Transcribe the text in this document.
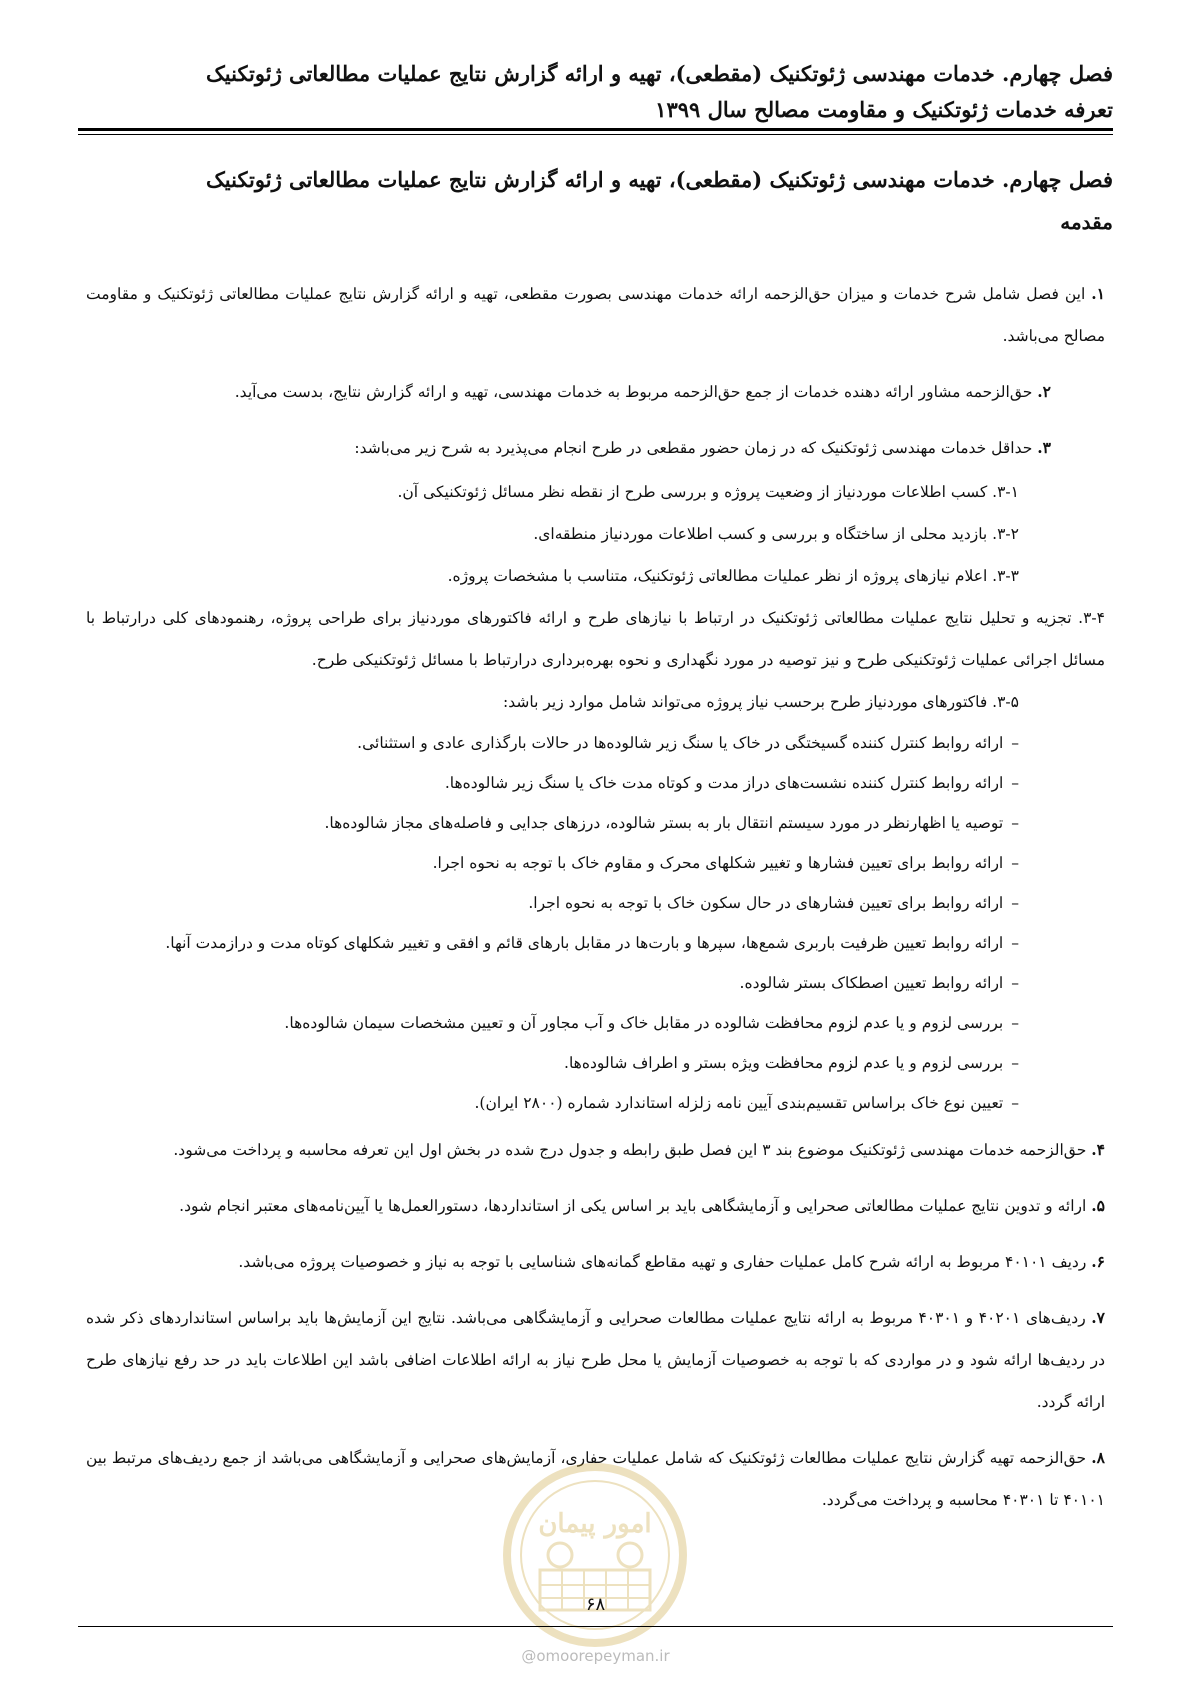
فصل چهارم. خدمات مهندسی ژئوتکنیک (مقطعی)، تهیه و ارائه گزارش نتایج عملیات مطالعاتی ژئوتکنیک
تعرفه خدمات ژئوتکنیک و مقاومت مصالح سال ۱۳۹۹
فصل چهارم. خدمات مهندسی ژئوتکنیک (مقطعی)، تهیه و ارائه گزارش نتایج عملیات مطالعاتی ژئوتکنیک
مقدمه

۱. این فصل شامل شرح خدمات و میزان حق‌الزحمه ارائه خدمات مهندسی بصورت مقطعی، تهیه و ارائه گزارش نتایج عملیات مطالعاتی ژئوتکنیک و مقاومت مصالح می‌باشد.

۲. حق‌الزحمه مشاور ارائه دهنده خدمات از جمع حق‌الزحمه مربوط به خدمات مهندسی، تهیه و ارائه گزارش نتایج، بدست می‌آید.

۳. حداقل خدمات مهندسی ژئوتکنیک که در زمان حضور مقطعی در طرح انجام می‌پذیرد به شرح زیر می‌باشد:

۳-۱. کسب اطلاعات موردنیاز از وضعیت پروژه و بررسی طرح از نقطه نظر مسائل ژئوتکنیکی آن.

۳-۲. بازدید محلی از ساختگاه و بررسی و کسب اطلاعات موردنیاز منطقه‌ای.

۳-۳. اعلام نیازهای پروژه از نظر عملیات مطالعاتی ژئوتکنیک، متناسب با مشخصات پروژه.

۳-۴. تجزیه و تحلیل نتایج عملیات مطالعاتی ژئوتکنیک در ارتباط با نیازهای طرح و ارائه فاکتورهای موردنیاز برای طراحی پروژه، رهنمودهای کلی درارتباط با مسائل اجرائی عملیات ژئوتکنیکی طرح و نیز توصیه در مورد نگهداری و نحوه بهره‌برداری درارتباط با مسائل ژئوتکنیکی طرح.

۳-۵. فاکتورهای موردنیاز طرح برحسب نیاز پروژه می‌تواند شامل موارد زیر باشد:

–ارائه روابط کنترل کننده گسیختگی در خاک یا سنگ زیر شالوده‌ها در حالات بارگذاری عادی و استثنائی.
–ارائه روابط کنترل کننده نشست‌های دراز مدت و کوتاه مدت خاک یا سنگ زیر شالوده‌ها.
–توصیه یا اظهارنظر در مورد سیستم انتقال بار به بستر شالوده، درزهای جدایی و فاصله‌های مجاز شالوده‌ها.
–ارائه روابط برای تعیین فشارها و تغییر شکلهای محرک و مقاوم خاک با توجه به نحوه اجرا.
–ارائه روابط برای تعیین فشارهای در حال سکون خاک با توجه به نحوه اجرا.
–ارائه روابط تعیین ظرفیت باربری شمع‌ها، سپرها و بارت‌ها در مقابل بارهای قائم و افقی و تغییر شکلهای کوتاه مدت و درازمدت آنها.
–ارائه روابط تعیین اصطکاک بستر شالوده.
–بررسی لزوم و یا عدم لزوم محافظت شالوده در مقابل خاک و آب مجاور آن و تعیین مشخصات سیمان شالوده‌ها.
–بررسی لزوم و یا عدم لزوم محافظت ویژه بستر و اطراف شالوده‌ها.
–تعیین نوع خاک براساس تقسیم‌بندی آیین نامه زلزله استاندارد شماره (۲۸۰۰ ایران).

۴. حق‌الزحمه خدمات مهندسی ژئوتکنیک موضوع بند ۳ این فصل طبق رابطه و جدول درج شده در بخش اول این تعرفه محاسبه و پرداخت می‌شود.

۵. ارائه و تدوین نتایج عملیات مطالعاتی صحرایی و آزمایشگاهی باید بر اساس یکی از استانداردها، دستورالعمل‌ها یا آیین‌نامه‌های معتبر انجام شود.

۶. ردیف ۴۰۱۰۱ مربوط به ارائه شرح کامل عملیات حفاری و تهیه مقاطع گمانه‌های شناسایی با توجه به نیاز و خصوصیات پروژه می‌باشد.

۷. ردیف‌های ۴۰۲۰۱ و ۴۰۳۰۱ مربوط به ارائه نتایج عملیات مطالعات صحرایی و آزمایشگاهی می‌باشد. نتایج این آزمایش‌ها باید براساس استانداردهای ذکر شده در ردیف‌ها ارائه شود و در مواردی که با توجه به خصوصیات آزمایش یا محل طرح نیاز به ارائه اطلاعات اضافی باشد این اطلاعات باید در حد رفع نیازهای طرح ارائه گردد.

۸. حق‌الزحمه تهیه گزارش نتایج عملیات مطالعات ژئوتکنیک که شامل عملیات حفاری، آزمایش‌های صحرایی و آزمایشگاهی می‌باشد از جمع ردیف‌های مرتبط بین ۴۰۱۰۱ تا ۴۰۳۰۱ محاسبه و پرداخت می‌گردد.

امور پیمان
۶۸
@omoorepeyman.ir
